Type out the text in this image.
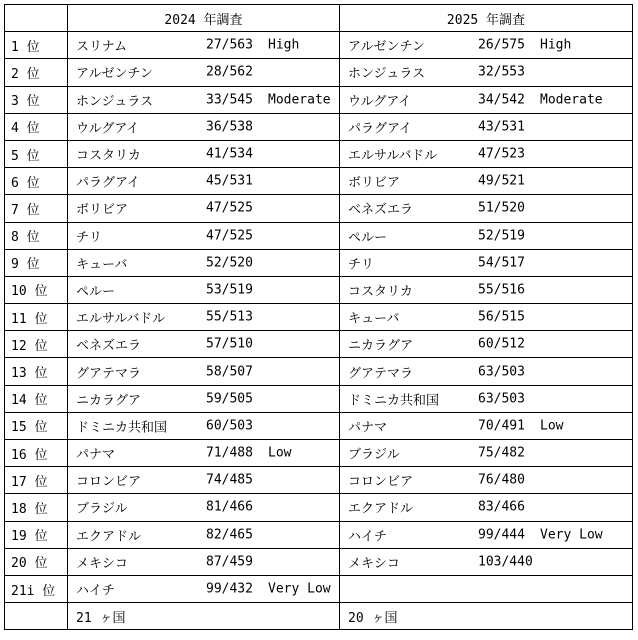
	2024 年調査	2025 年調査
1 位	スリナム 27/563 High	アルゼンチン 26/575 High

2 位	アルゼンチン 28/562	ホンジュラス 32/553

3 位	ホンジュラス 33/545 Moderate	ウルグアイ 34/542 Moderate

4 位	ウルグアイ 36/538	パラグアイ 43/531

5 位	コスタリカ 41/534	エルサルバドル 47/523

6 位	パラグアイ 45/531	ボリビア 49/521

7 位	ボリビア 47/525	ベネズエラ 51/520

8 位	チリ 47/525	ペルー 52/519

9 位	キューバ 52/520	チリ 54/517

10 位	ペルー 53/519	コスタリカ 55/516

11 位	エルサルバドル 55/513	キューバ 56/515

12 位	ベネズエラ 57/510	ニカラグア 60/512

13 位	グアテマラ 58/507	グアテマラ 63/503

14 位	ニカラグア 59/505	ドミニカ共和国 63/503

15 位	ドミニカ共和国 60/503	パナマ 70/491 Low

16 位	パナマ 71/488 Low	ブラジル 75/482

17 位	コロンビア 74/485	コロンビア 76/480

18 位	ブラジル 81/466	エクアドル 83/466

19 位	エクアドル 82/465	ハイチ 99/444 Very Low

20 位	メキシコ 87/459	メキシコ 103/440

21i 位	ハイチ 99/432 Very Low	

	21 ヶ国	20 ヶ国
